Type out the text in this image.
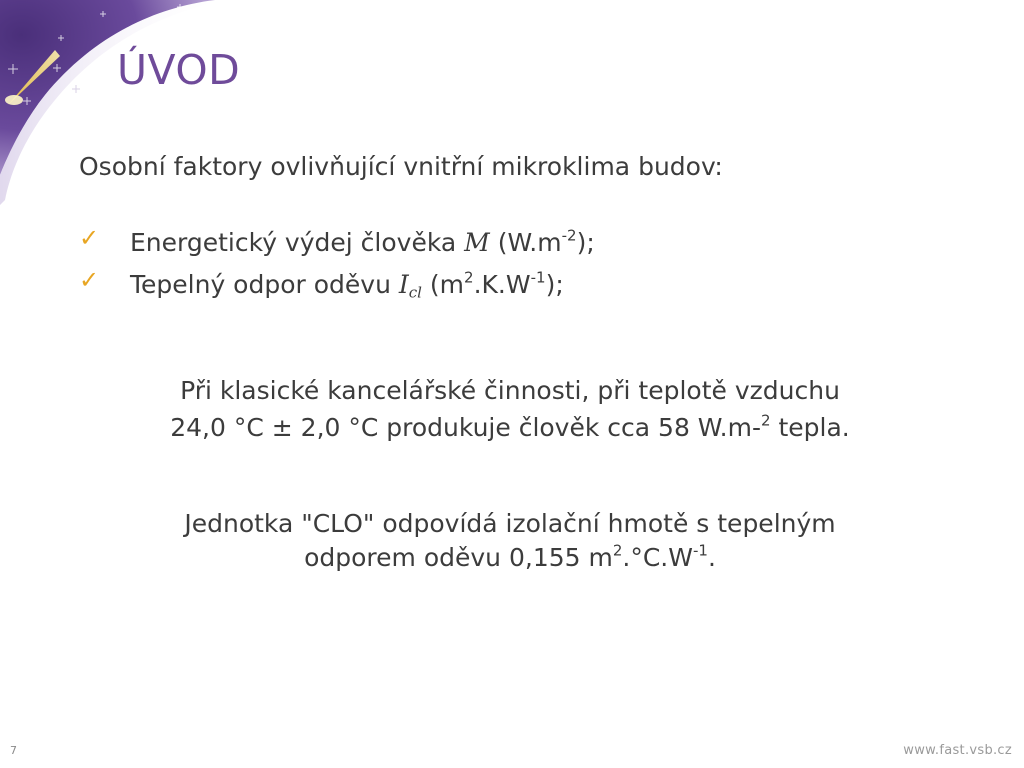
ÚVOD

Osobní faktory ovlivňující vnitřní mikroklima budov:

✓ Energetický výdej člověka M $(W.m^{-2})$;
✓ Tepelný odpor oděvu $I_{cl}$ $(m^2.K.W^{-1})$;

Při klasické kancelářské činnosti, při teplotě vzduchu
24,0 °C ± 2,0 °C produkuje člověk cca 58 W.m-$^2$ tepla.

Jednotka "CLO" odpovídá izolační hmotě s tepelným
odporem oděvu 0,155 $m^2.^\circ C.W^{-1}$.

7	www.fast.vsb.cz
